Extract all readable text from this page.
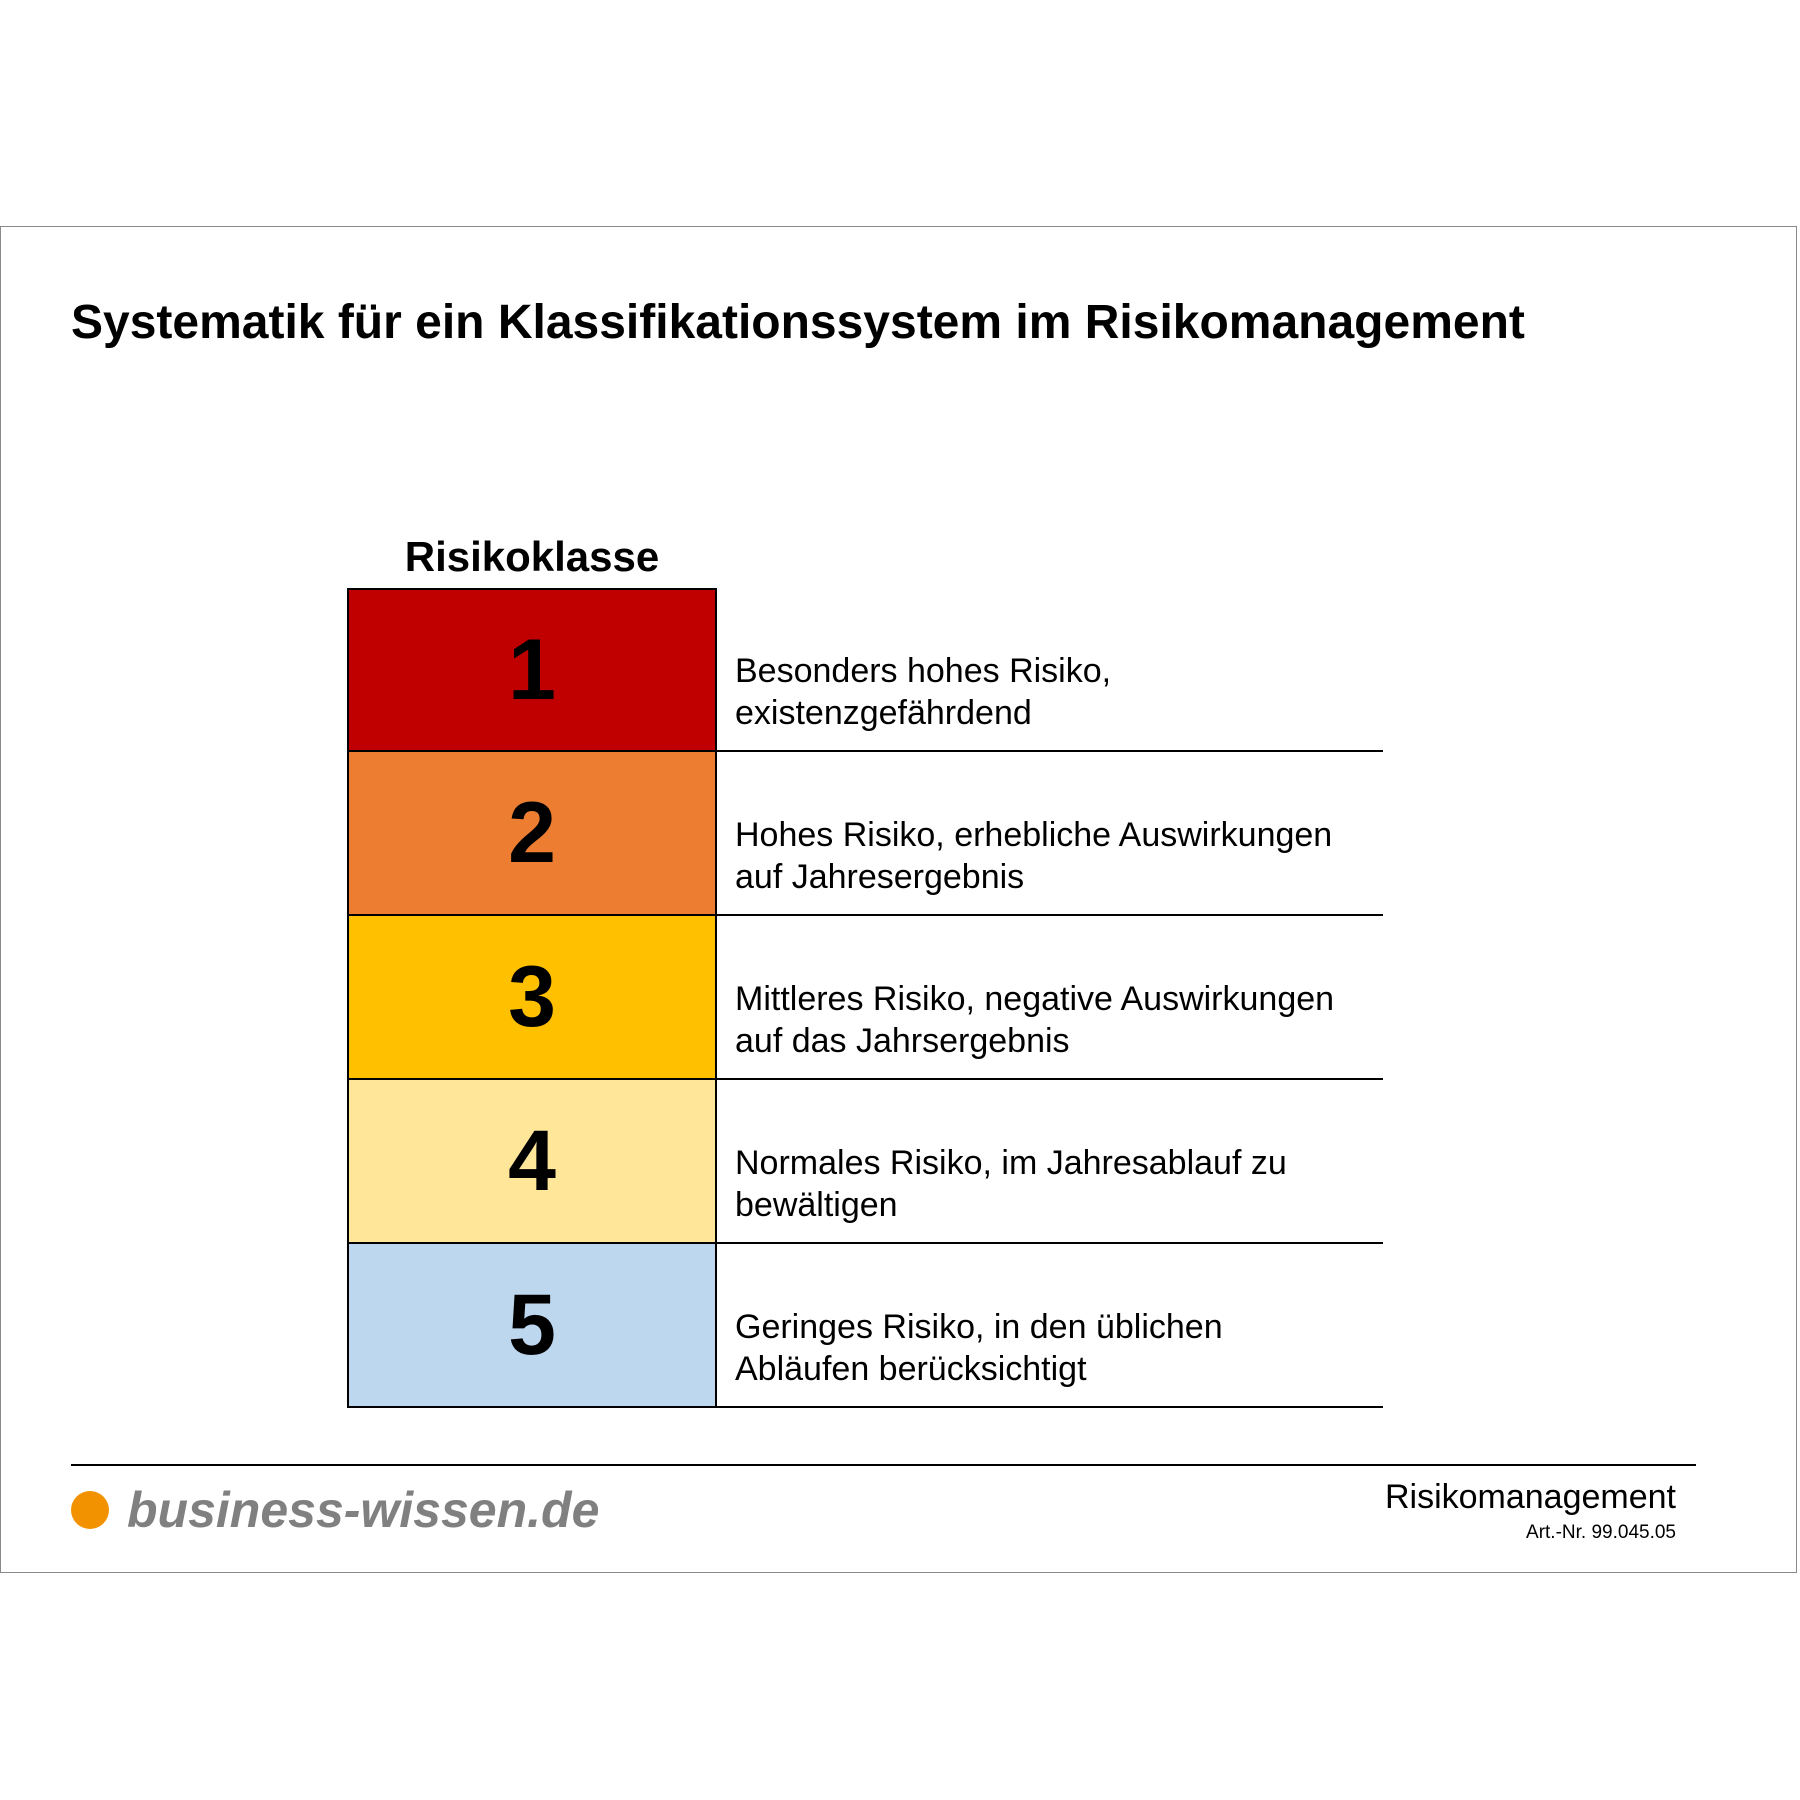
Systematik für ein Klassifikationssystem im Risikomanagement
Risikoklasse
1	Besonders hohes Risiko,
existenzgefährdend
2	Hohes Risiko, erhebliche Auswirkungen
auf Jahresergebnis
3	Mittleres Risiko, negative Auswirkungen
auf das Jahrsergebnis
4	Normales Risiko, im Jahresablauf zu
bewältigen
5	Geringes Risiko, in den üblichen
Abläufen berücksichtigt
business-wissen.de	Risikomanagement
Art.-Nr. 99.045.05
